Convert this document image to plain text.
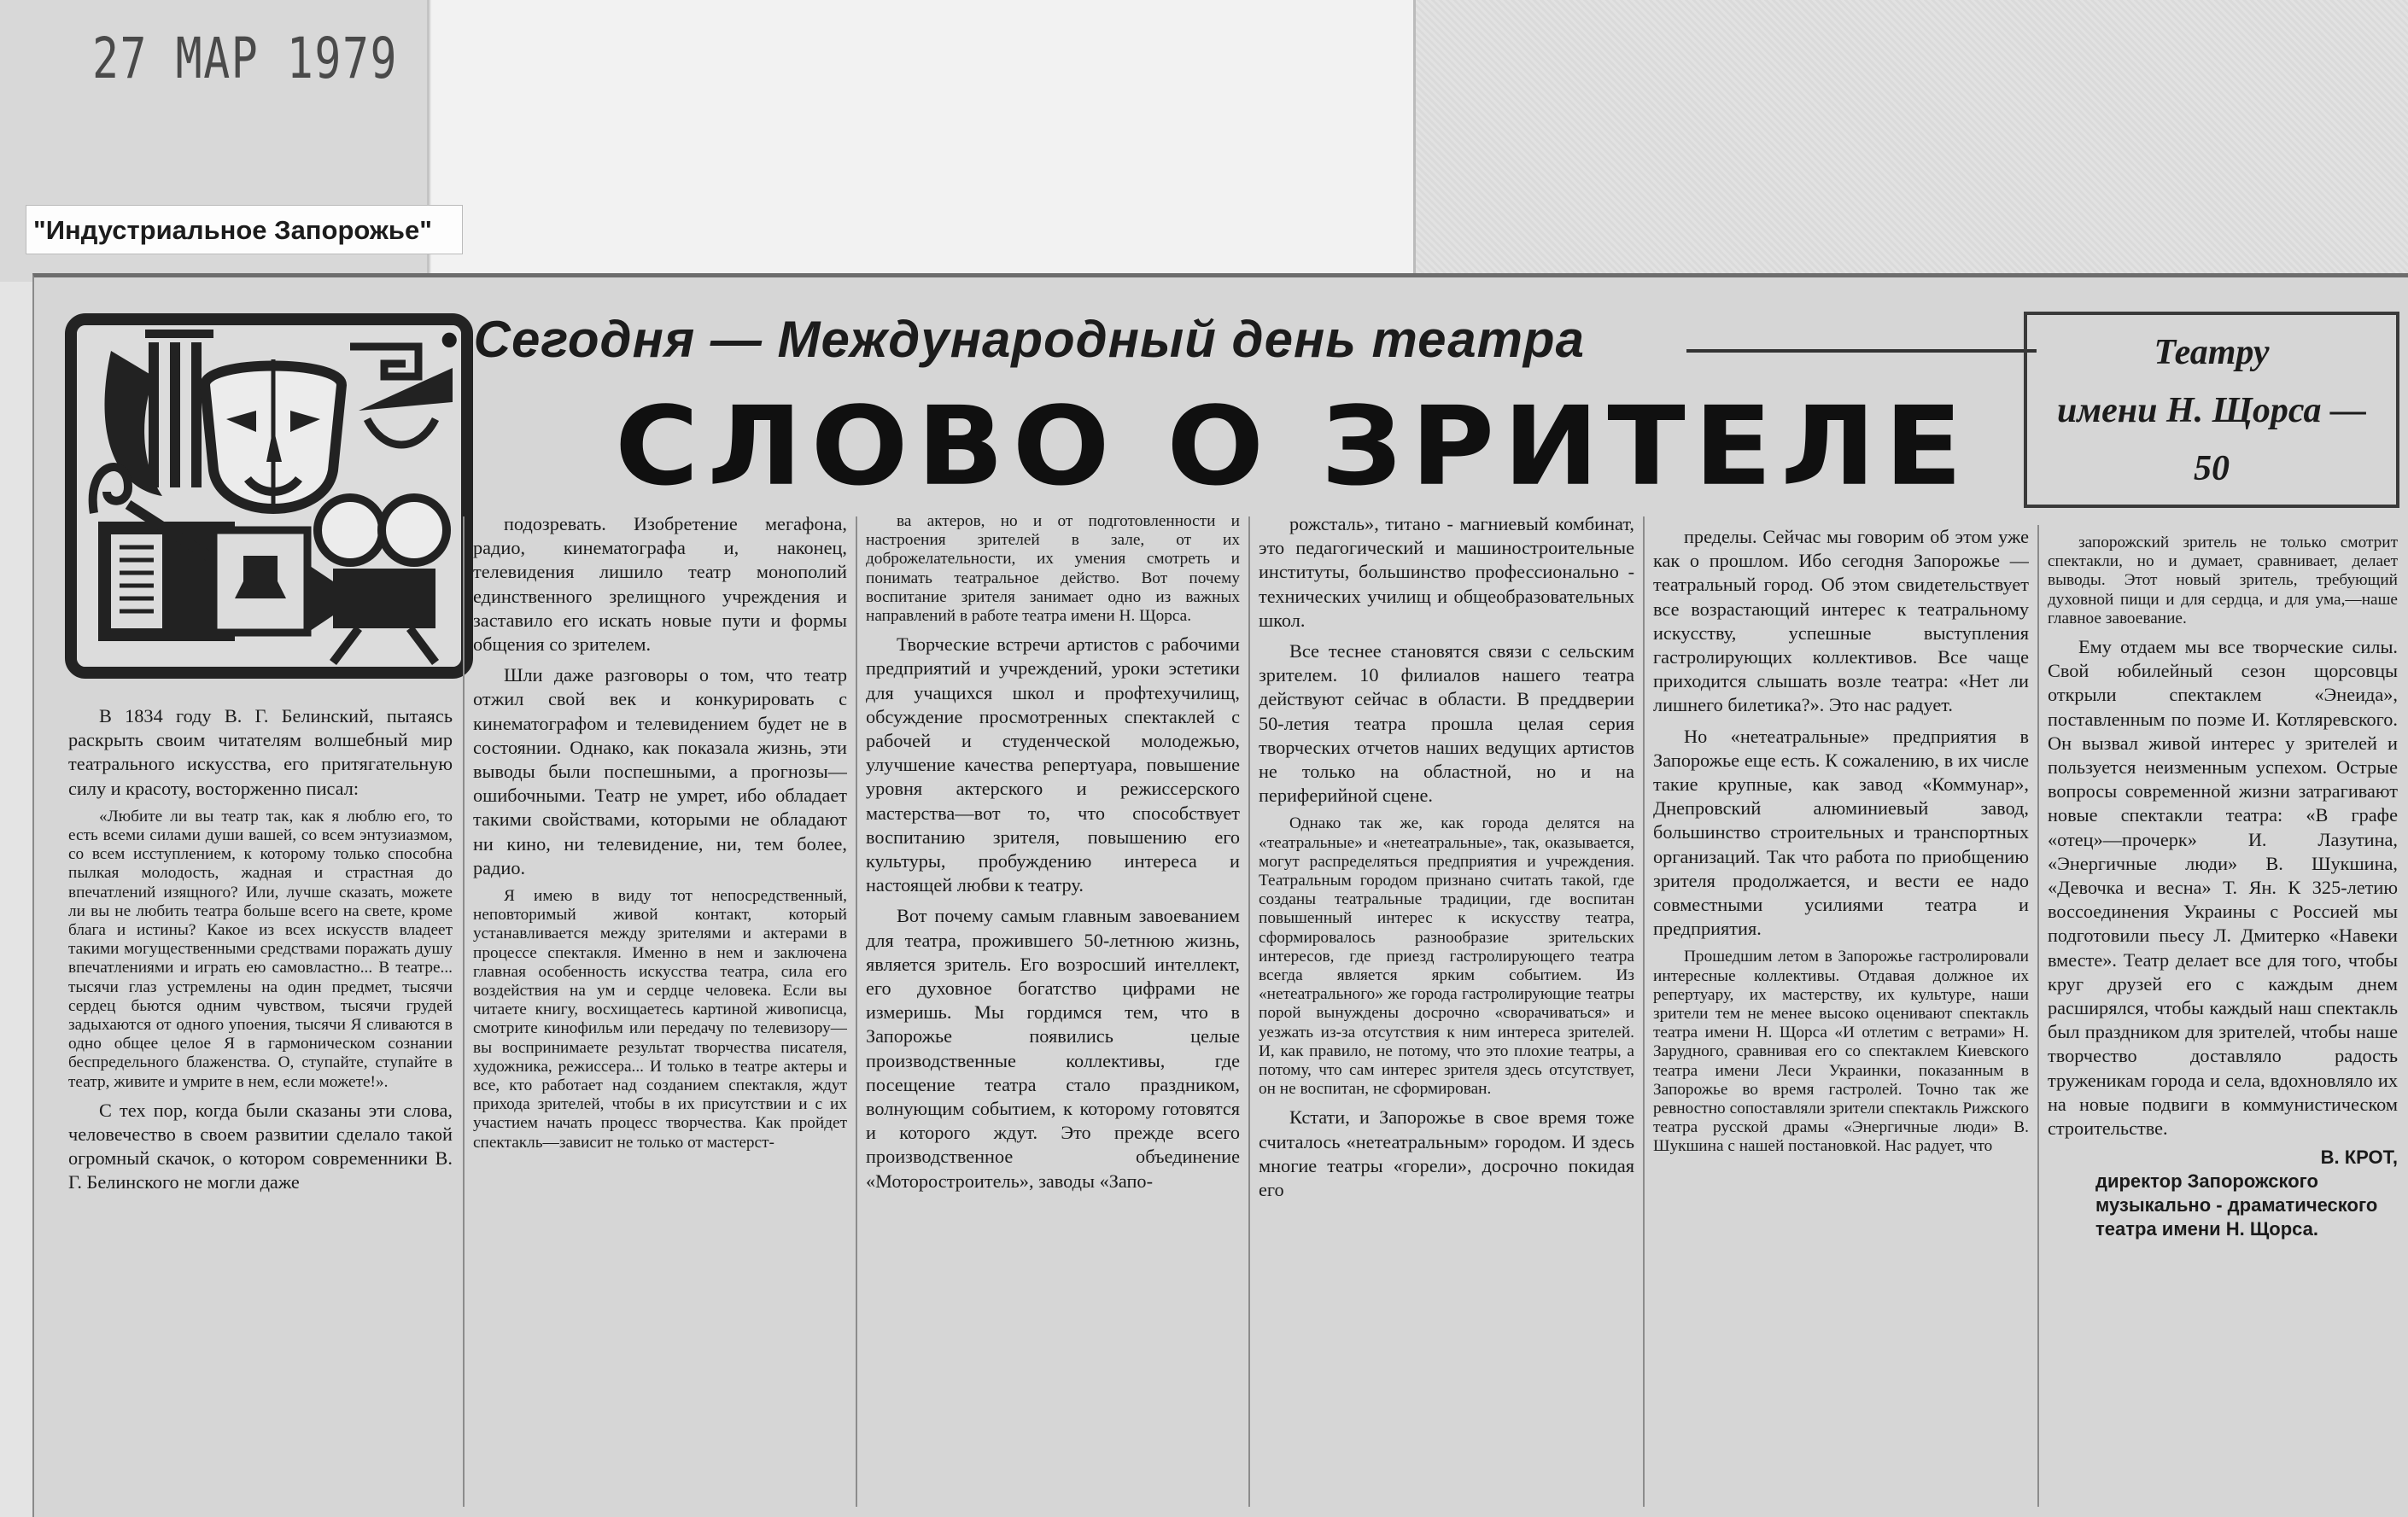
27 МАР 1979
"Индустриальное Запорожье"
• Сегодня — Международный день театра
СЛОВО О ЗРИТЕЛЕ
Театру
имени Н. Щорса —
50

В 1834 году В. Г. Белинский, пытаясь раскрыть своим читателям волшебный мир театрального искусства, его притягательную силу и красоту, восторженно писал:

«Любите ли вы театр так, как я люблю его, то есть всеми силами души вашей, со всем энтузиазмом, со всем исступлением, к которому только способна пылкая молодость, жадная и страстная до впечатлений изящного? Или, лучше сказать, можете ли вы не любить театра больше всего на свете, кроме блага и истины? Какое из всех искусств владеет такими могущественными средствами поражать душу впечатлениями и играть ею самовластно... В театре... тысячи глаз устремлены на один предмет, тысячи сердец бьются одним чувством, тысячи грудей задыхаются от одного упоения, тысячи Я сливаются в одно общее целое Я в гармоническом сознании беспредельного блаженства. О, ступайте, ступайте в театр, живите и умрите в нем, если можете!».

С тех пор, когда были сказаны эти слова, человечество в своем развитии сделало такой огромный скачок, о котором современники В. Г. Белинского не могли даже

подозревать. Изобретение мегафона, радио, кинематографа и, наконец, телевидения лишило театр монополий единственного зрелищного учреждения и заставило его искать новые пути и формы общения со зрителем.

Шли даже разговоры о том, что театр отжил свой век и конкурировать с кинематографом и телевидением будет не в состоянии. Однако, как показала жизнь, эти выводы были поспешными, а прогнозы—ошибочными. Театр не умрет, ибо обладает такими свойствами, которыми не обладают ни кино, ни телевидение, ни, тем более, радио.

Я имею в виду тот непосредственный, неповторимый живой контакт, который устанавливается между зрителями и актерами в процессе спектакля. Именно в нем и заключена главная особенность искусства театра, сила его воздействия на ум и сердце человека. Если вы читаете книгу, восхищаетесь картиной живописца, смотрите кинофильм или передачу по телевизору—вы воспринимаете результат творчества писателя, художника, режиссера... И только в театре актеры и все, кто работает над созданием спектакля, ждут прихода зрителей, чтобы в их присутствии и с их участием начать процесс творчества. Как пройдет спектакль—зависит не только от мастерст-

ва актеров, но и от подготовленности и настроения зрителей в зале, от их доброжелательности, их умения смотреть и понимать театральное действо. Вот почему воспитание зрителя занимает одно из важных направлений в работе театра имени Н. Щорса.

Творческие встречи артистов с рабочими предприятий и учреждений, уроки эстетики для учащихся школ и профтехучилищ, обсуждение просмотренных спектаклей с рабочей и студенческой молодежью, улучшение качества репертуара, повышение уровня актерского и режиссерского мастерства—вот то, что способствует воспитанию зрителя, повышению его культуры, пробуждению интереса и настоящей любви к театру.

Вот почему самым главным завоеванием для театра, прожившего 50-летнюю жизнь, является зритель. Его возросший интеллект, его духовное богатство цифрами не измеришь. Мы гордимся тем, что в Запорожье появились целые производственные коллективы, где посещение театра стало праздником, волнующим событием, к которому готовятся и которого ждут. Это прежде всего производственное объединение «Моторостроитель», заводы «Запо-

рожсталь», титано - магниевый комбинат, это педагогический и машиностроительные институты, большинство профессионально - технических училищ и общеобразовательных школ.

Все теснее становятся связи с сельским зрителем. 10 филиалов нашего театра действуют сейчас в области. В преддверии 50-летия театра прошла целая серия творческих отчетов наших ведущих артистов не только на областной, но и на периферийной сцене.

Однако так же, как города делятся на «театральные» и «нетеатральные», так, оказывается, могут распределяться предприятия и учреждения. Театральным городом признано считать такой, где созданы театральные традиции, где воспитан повышенный интерес к искусству театра, сформировалось разнообразие зрительских интересов, где приезд гастролирующего театра всегда является ярким событием. Из «нетеатрального» же города гастролирующие театры порой вынуждены досрочно «сворачиваться» и уезжать из-за отсутствия к ним интереса зрителей. И, как правило, не потому, что это плохие театры, а потому, что сам интерес зрителя здесь отсутствует, он не воспитан, не сформирован.

Кстати, и Запорожье в свое время тоже считалось «нетеатральным» городом. И здесь многие театры «горели», досрочно покидая его

пределы. Сейчас мы говорим об этом уже как о прошлом. Ибо сегодня Запорожье — театральный город. Об этом свидетельствует все возрастающий интерес к театральному искусству, успешные выступления гастролирующих коллективов. Все чаще приходится слышать возле театра: «Нет ли лишнего билетика?». Это нас радует.

Но «нетеатральные» предприятия в Запорожье еще есть. К сожалению, в их числе такие крупные, как завод «Коммунар», Днепровский алюминиевый завод, большинство строительных и транспортных организаций. Так что работа по приобщению зрителя продолжается, и вести ее надо совместными усилиями театра и предприятия.

Прошедшим летом в Запорожье гастролировали интересные коллективы. Отдавая должное их репертуару, их мастерству, их культуре, наши зрители тем не менее высоко оценивают спектакль театра имени Н. Щорса «И отлетим с ветрами» Н. Зарудного, сравнивая его со спектаклем Киевского театра имени Леси Украинки, показанным в Запорожье во время гастролей. Точно так же ревностно сопоставляли зрители спектакль Рижского театра русской драмы «Энергичные люди» В. Шукшина с нашей постановкой. Нас радует, что

запорожский зритель не только смотрит спектакли, но и думает, сравнивает, делает выводы. Этот новый зритель, требующий духовной пищи и для сердца, и для ума,—наше главное завоевание.

Ему отдаем мы все творческие силы. Свой юбилейный сезон щорсовцы открыли спектаклем «Энеида», поставленным по поэме И. Котляревского. Он вызвал живой интерес у зрителей и пользуется неизменным успехом. Острые вопросы современной жизни затрагивают новые спектакли театра: «В графе «отец»—прочерк» И. Лазутина, «Энергичные люди» В. Шукшина, «Девочка и весна» Т. Ян. К 325-летию воссоединения Украины с Россией мы подготовили пьесу Л. Дмитерко «Навеки вместе». Театр делает все для того, чтобы круг друзей его с каждым днем расширялся, чтобы каждый наш спектакль был праздником для зрителей, чтобы наше творчество доставляло радость труженикам города и села, вдохновляло их на новые подвиги в коммунистическом строительстве.

В. КРОТ,
директор Запорожского музыкально - драматического театра имени Н. Щорса.
